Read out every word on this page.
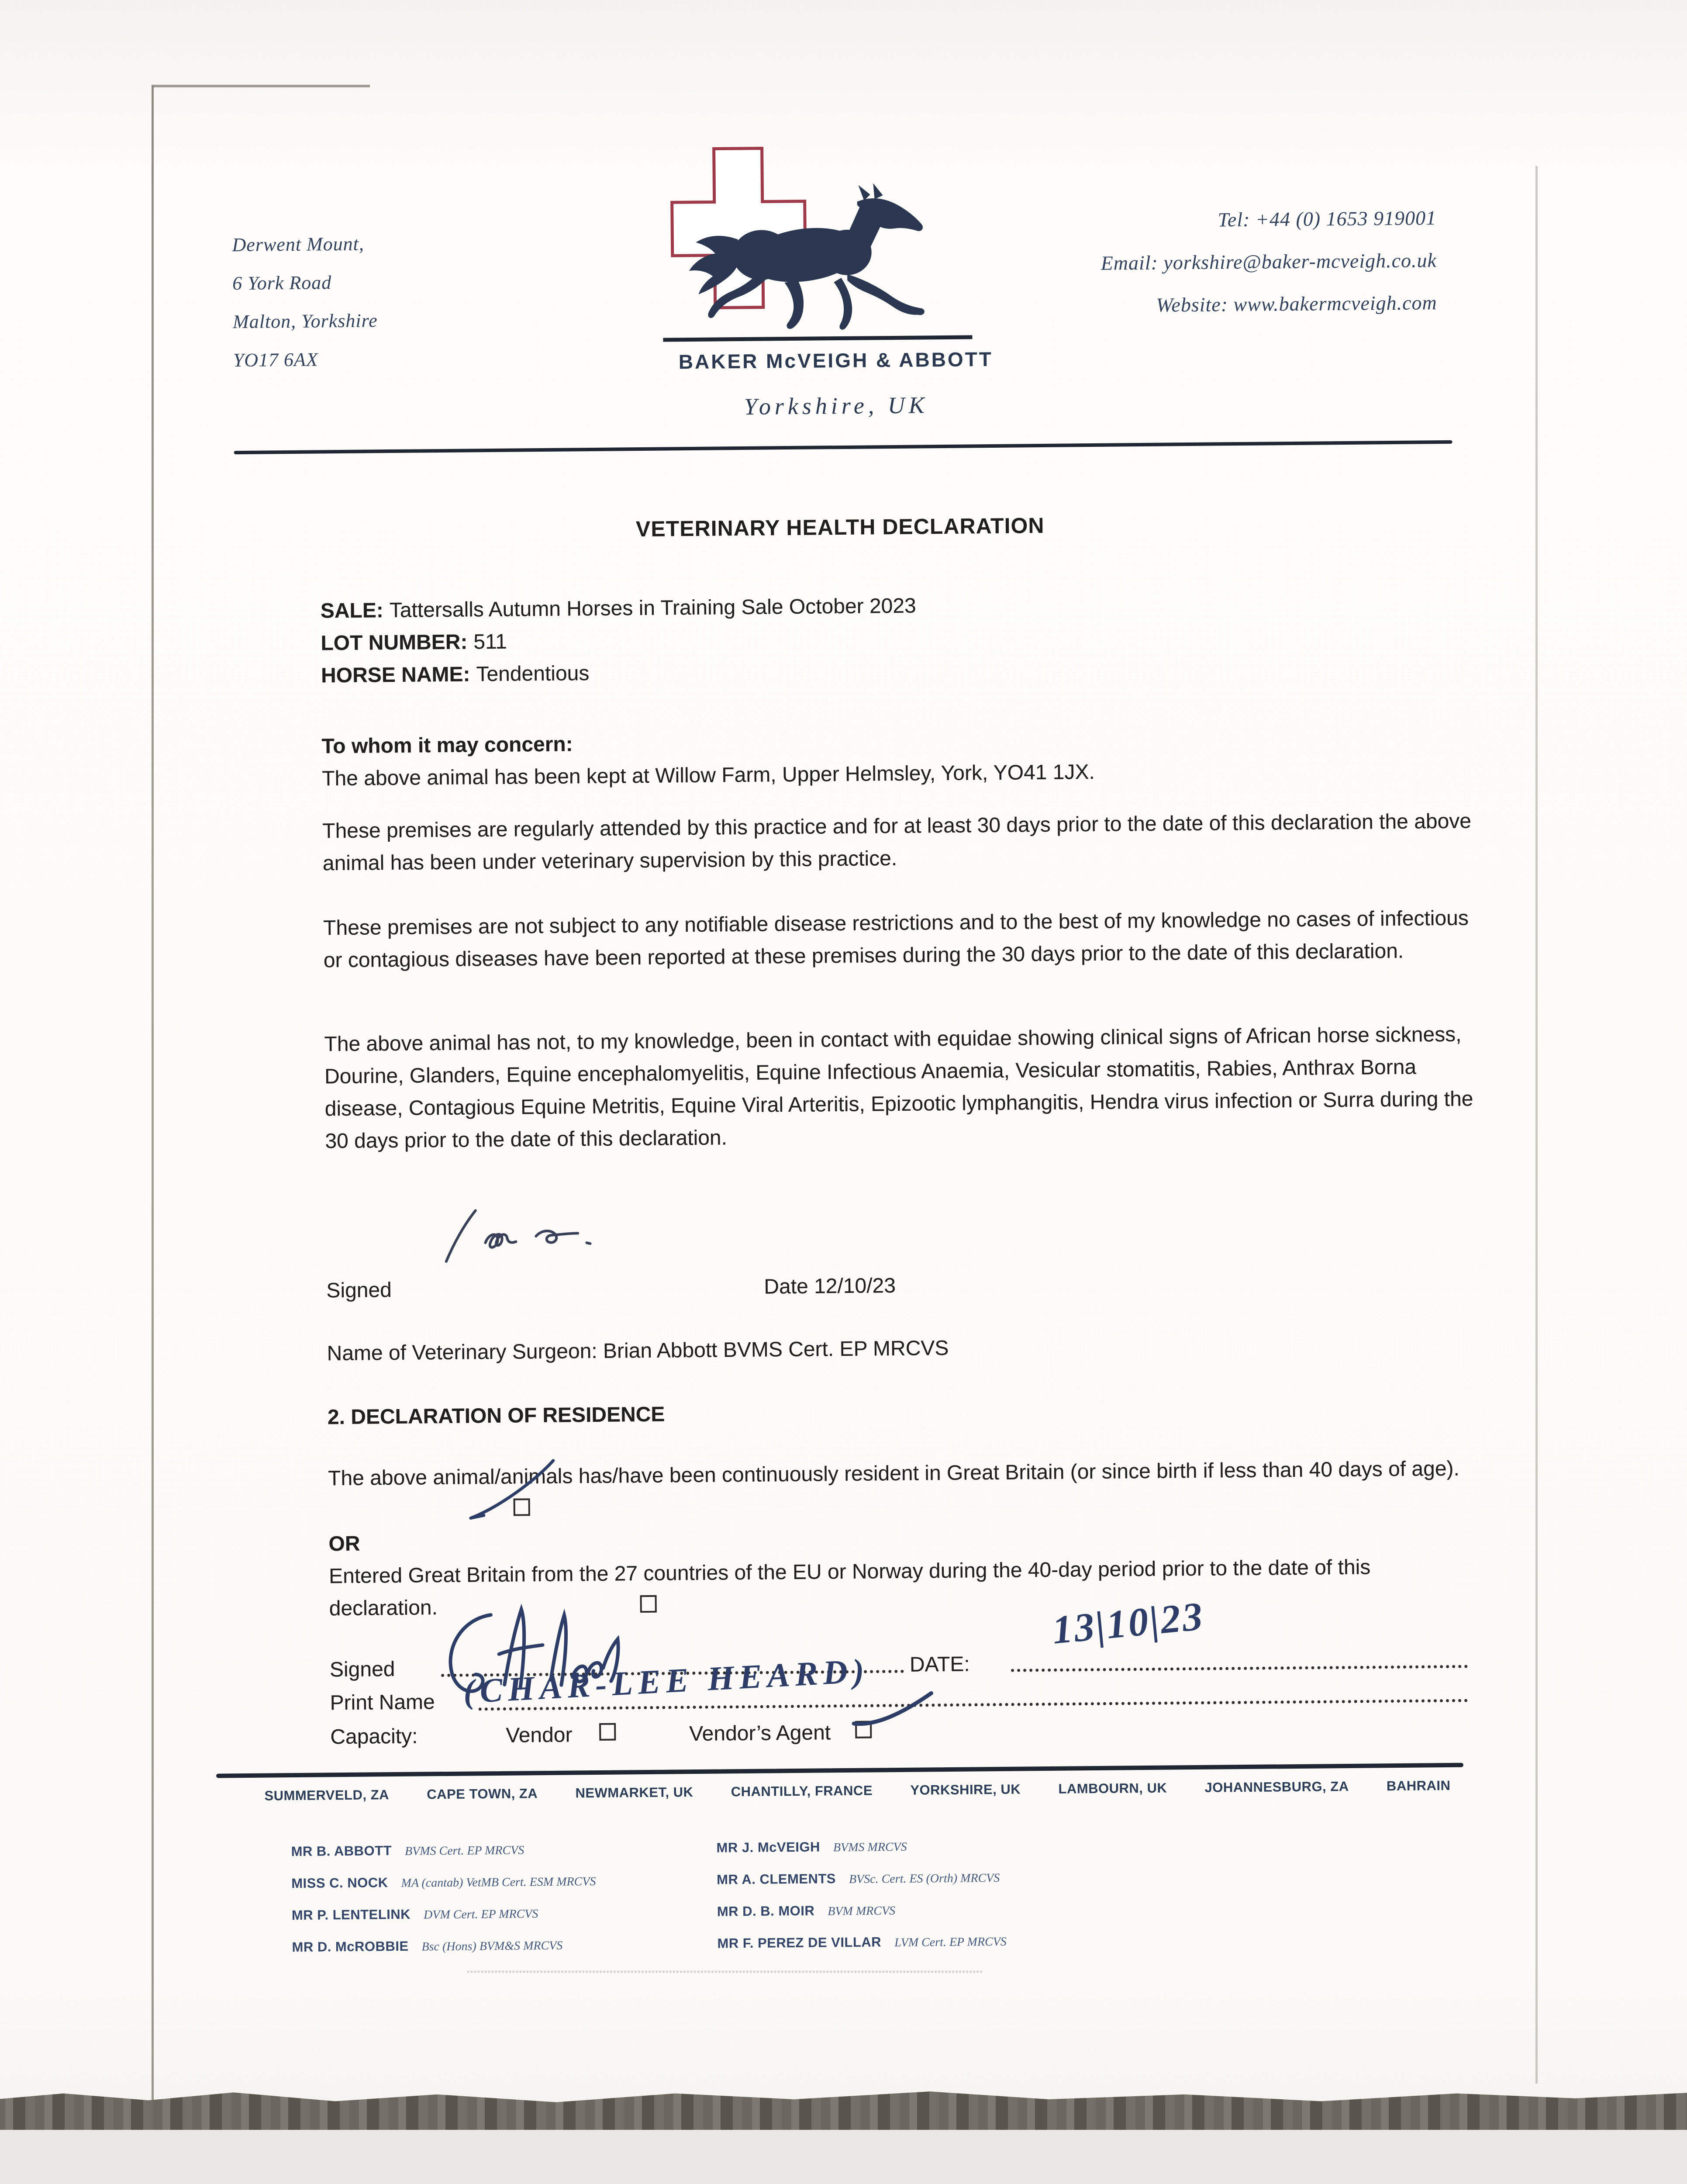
Derwent Mount,
6 York Road
Malton, Yorkshire
YO17 6AX
Tel: +44 (0) 1653 919001
Email: yorkshire@baker-mcveigh.co.uk
Website: www.bakermcveigh.com
BAKER McVEIGH & ABBOTT
Yorkshire, UK
VETERINARY HEALTH DECLARATION
SALE: Tattersalls Autumn Horses in Training Sale October 2023
LOT NUMBER: 511
HORSE NAME: Tendentious
To whom it may concern:
The above animal has been kept at Willow Farm, Upper Helmsley, York, YO41 1JX.
These premises are regularly attended by this practice and for at least 30 days prior to the date of this declaration the above animal has been under veterinary supervision by this practice.
These premises are not subject to any notifiable disease restrictions and to the best of my knowledge no cases of infectious or contagious diseases have been reported at these premises during the 30 days prior to the date of this declaration.
The above animal has not, to my knowledge, been in contact with equidae showing clinical signs of African horse sickness, Dourine, Glanders, Equine encephalomyelitis, Equine Infectious Anaemia, Vesicular stomatitis, Rabies, Anthrax Borna disease, Contagious Equine Metritis, Equine Viral Arteritis, Epizootic lymphangitis, Hendra virus infection or Surra during the 30 days prior to the date of this declaration.
Signed	Date 12/10/23
Name of Veterinary Surgeon: Brian Abbott BVMS Cert. EP MRCVS
2. DECLARATION OF RESIDENCE
The above animal/animals has/have been continuously resident in Great Britain (or since birth if less than 40 days of age).
OR
Entered Great Britain from the 27 countries of the EU or Norway during the 40-day period prior to the date of this declaration.
Signed	DATE:
13|10|23
Print Name (CHAR-LEE HEARD)
Capacity:	Vendor	Vendor’s Agent
SUMMERVELD, ZA	CAPE TOWN, ZA	NEWMARKET, UK	CHANTILLY, FRANCE	YORKSHIRE, UK	LAMBOURN, UK	JOHANNESBURG, ZA	BAHRAIN
MR B. ABBOTT BVMS Cert. EP MRCVS
MISS C. NOCK MA (cantab) VetMB Cert. ESM MRCVS
MR P. LENTELINK DVM Cert. EP MRCVS
MR D. McROBBIE Bsc (Hons) BVM&S MRCVS
MR J. McVEIGH BVMS MRCVS
MR A. CLEMENTS BVSc. Cert. ES (Orth) MRCVS
MR D. B. MOIR BVM MRCVS
MR F. PEREZ DE VILLAR LVM Cert. EP MRCVS
